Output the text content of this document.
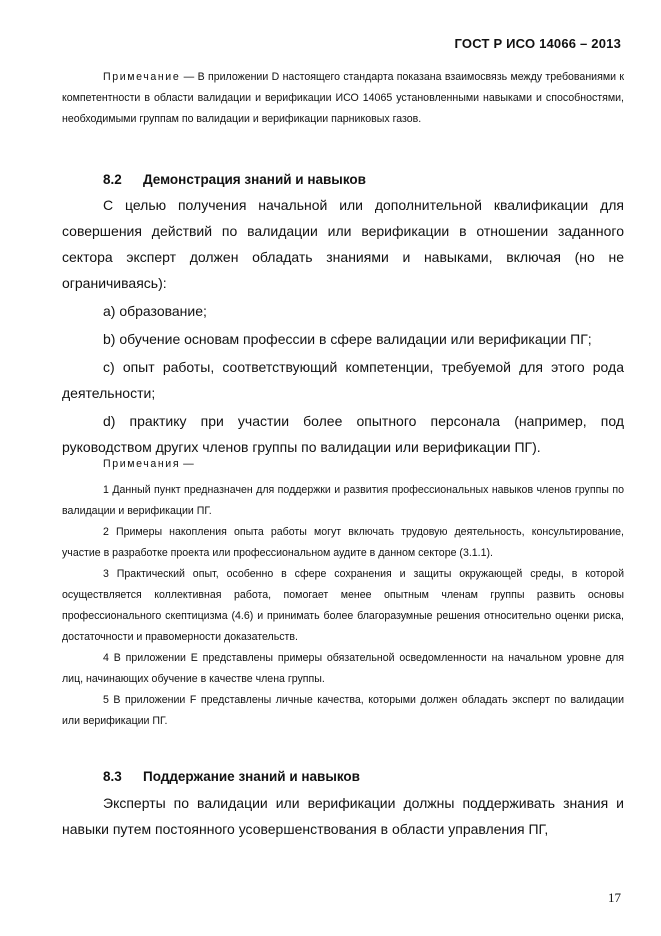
ГОСТ Р ИСО 14066 – 2013

Примечание — В приложении D настоящего стандарта показана взаимосвязь между требованиями к компетентности в области валидации и верификации ИСО 14065 установленными навыками и способностями, необходимыми группам по валидации и верификации парниковых газов.

8.2 Демонстрация знаний и навыков

С целью получения начальной или дополнительной квалификации для совершения действий по валидации или верификации в отношении заданного сектора эксперт должен обладать знаниями и навыками, включая (но не ограничиваясь):

a) образование;

b) обучение основам профессии в сфере валидации или верификации ПГ;

c) опыт работы, соответствующий компетенции, требуемой для этого рода деятельности;

d) практику при участии более опытного персонала (например, под руководством других членов группы по валидации или верификации ПГ).

Примечания —

1 Данный пункт предназначен для поддержки и развития профессиональных навыков членов группы по валидации и верификации ПГ.

2 Примеры накопления опыта работы могут включать трудовую деятельность, консультирование, участие в разработке проекта или профессиональном аудите в данном секторе (3.1.1).

3 Практический опыт, особенно в сфере сохранения и защиты окружающей среды, в которой осуществляется коллективная работа, помогает менее опытным членам группы развить основы профессионального скептицизма (4.6) и принимать более благоразумные решения относительно оценки риска, достаточности и правомерности доказательств.

4 В приложении Е представлены примеры обязательной осведомленности на начальном уровне для лиц, начинающих обучение в качестве члена группы.

5 В приложении F представлены личные качества, которыми должен обладать эксперт по валидации или верификации ПГ.

8.3 Поддержание знаний и навыков

Эксперты по валидации или верификации должны поддерживать знания и навыки путем постоянного усовершенствования в области управления ПГ,

17
